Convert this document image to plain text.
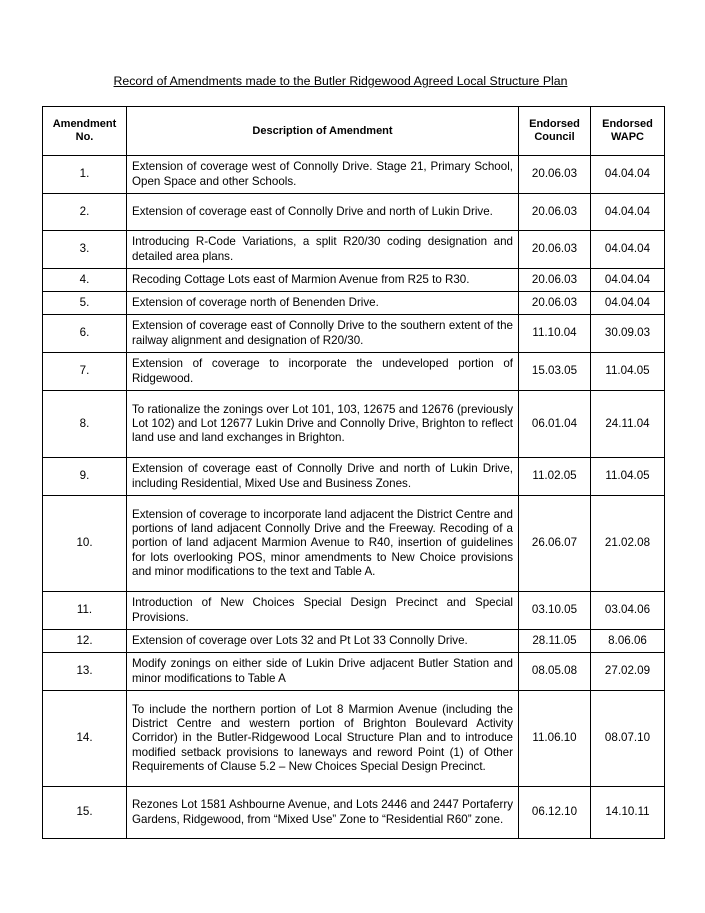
Record of Amendments made to the Butler Ridgewood Agreed Local Structure Plan
Amendment No.	Description of Amendment	Endorsed Council	Endorsed WAPC
1.	Extension of coverage west of Connolly Drive. Stage 21, Primary School, Open Space and other Schools.	20.06.03	04.04.04
2.	Extension of coverage east of Connolly Drive and north of Lukin Drive.	20.06.03	04.04.04
3.	Introducing R-Code Variations, a split R20/30 coding designation and detailed area plans.	20.06.03	04.04.04
4.	Recoding Cottage Lots east of Marmion Avenue from R25 to R30.	20.06.03	04.04.04
5.	Extension of coverage north of Benenden Drive.	20.06.03	04.04.04
6.	Extension of coverage east of Connolly Drive to the southern extent of the railway alignment and designation of R20/30.	11.10.04	30.09.03
7.	Extension of coverage to incorporate the undeveloped portion of Ridgewood.	15.03.05	11.04.05
8.	To rationalize the zonings over Lot 101, 103, 12675 and 12676 (previously Lot 102) and Lot 12677 Lukin Drive and Connolly Drive, Brighton to reflect land use and land exchanges in Brighton.	06.01.04	24.11.04
9.	Extension of coverage east of Connolly Drive and north of Lukin Drive, including Residential, Mixed Use and Business Zones.	11.02.05	11.04.05
10.	Extension of coverage to incorporate land adjacent the District Centre and portions of land adjacent Connolly Drive and the Freeway. Recoding of a portion of land adjacent Marmion Avenue to R40, insertion of guidelines for lots overlooking POS, minor amendments to New Choice provisions and minor modifications to the text and Table A.	26.06.07	21.02.08
11.	Introduction of New Choices Special Design Precinct and Special Provisions.	03.10.05	03.04.06
12.	Extension of coverage over Lots 32 and Pt Lot 33 Connolly Drive.	28.11.05	8.06.06
13.	Modify zonings on either side of Lukin Drive adjacent Butler Station and minor modifications to Table A	08.05.08	27.02.09
14.	To include the northern portion of Lot 8 Marmion Avenue (including the District Centre and western portion of Brighton Boulevard Activity Corridor) in the Butler-Ridgewood Local Structure Plan and to introduce modified setback provisions to laneways and reword Point (1) of Other Requirements of Clause 5.2 – New Choices Special Design Precinct.	11.06.10	08.07.10
15.	Rezones Lot 1581 Ashbourne Avenue, and Lots 2446 and 2447 Portaferry Gardens, Ridgewood, from “Mixed Use” Zone to “Residential R60” zone.	06.12.10	14.10.11
